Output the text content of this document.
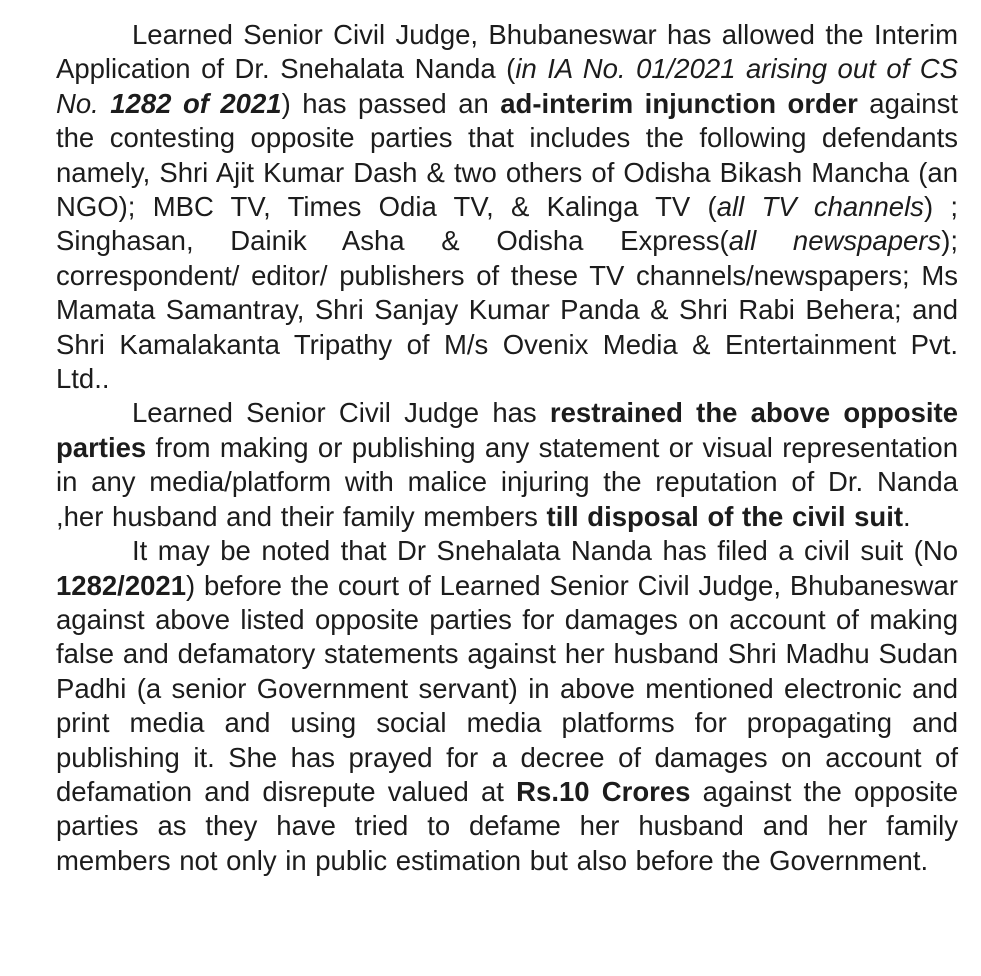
Learned Senior Civil Judge, Bhubaneswar has allowed the Interim Application of Dr. Snehalata Nanda (in IA No. 01/2021 arising out of CS No. 1282 of 2021) has passed an ad-interim injunction order against the contesting opposite parties that includes the following defendants namely, Shri Ajit Kumar Dash & two others of Odisha Bikash Mancha (an NGO); MBC TV, Times Odia TV, & Kalinga TV (all TV channels) ; Singhasan, Dainik Asha & Odisha Express(all newspapers); correspondent/ editor/ publishers of these TV channels/newspapers; Ms Mamata Samantray, Shri Sanjay Kumar Panda & Shri Rabi Behera; and Shri Kamalakanta Tripathy of M/s Ovenix Media & Entertainment Pvt. Ltd..

Learned Senior Civil Judge has restrained the above opposite parties from making or publishing any statement or visual representation in any media/platform with malice injuring the reputation of Dr. Nanda ,her husband and their family members till disposal of the civil suit.

It may be noted that Dr Snehalata Nanda has filed a civil suit (No 1282/2021) before the court of Learned Senior Civil Judge, Bhubaneswar against above listed opposite parties for damages on account of making false and defamatory statements against her husband Shri Madhu Sudan Padhi (a senior Government servant) in above mentioned electronic and print media and using social media platforms for propagating and publishing it. She has prayed for a decree of damages on account of defamation and disrepute valued at Rs.10 Crores against the opposite parties as they have tried to defame her husband and her family members not only in public estimation but also before the Government.
